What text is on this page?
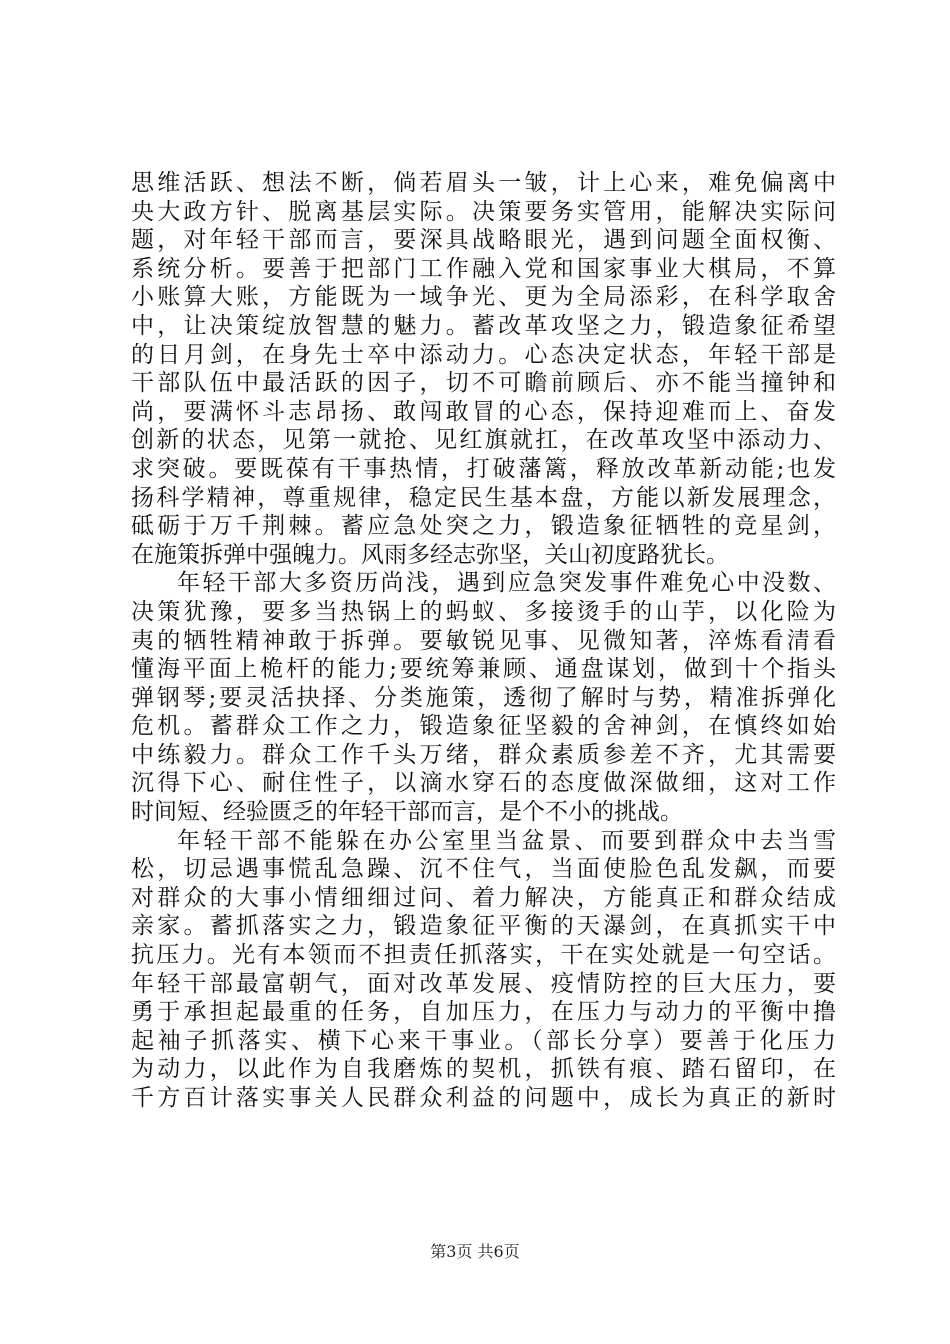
思维活跃、想法不断，倘若眉头一皱，计上心来，难免偏离中
央大政方针、脱离基层实际。决策要务实管用，能解决实际问
题，对年轻干部而言，要深具战略眼光，遇到问题全面权衡、
系统分析。要善于把部门工作融入党和国家事业大棋局，不算
小账算大账，方能既为一域争光、更为全局添彩，在科学取舍
中，让决策绽放智慧的魅力。蓄改革攻坚之力，锻造象征希望
的日月剑，在身先士卒中添动力。心态决定状态，年轻干部是
干部队伍中最活跃的因子，切不可瞻前顾后、亦不能当撞钟和
尚，要满怀斗志昂扬、敢闯敢冒的心态，保持迎难而上、奋发
创新的状态，见第一就抢、见红旗就扛，在改革攻坚中添动力、
求突破。要既葆有干事热情，打破藩篱，释放改革新动能;也发
扬科学精神，尊重规律，稳定民生基本盘，方能以新发展理念，
砥砺于万千荆棘。蓄应急处突之力，锻造象征牺牲的竞星剑，
在施策拆弹中强魄力。风雨多经志弥坚，关山初度路犹长。
年轻干部大多资历尚浅，遇到应急突发事件难免心中没数、
决策犹豫，要多当热锅上的蚂蚁、多接烫手的山芋，以化险为
夷的牺牲精神敢于拆弹。要敏锐见事、见微知著，淬炼看清看
懂海平面上桅杆的能力;要统筹兼顾、通盘谋划，做到十个指头
弹钢琴;要灵活抉择、分类施策，透彻了解时与势，精准拆弹化
危机。蓄群众工作之力，锻造象征坚毅的舍神剑，在慎终如始
中练毅力。群众工作千头万绪，群众素质参差不齐，尤其需要
沉得下心、耐住性子，以滴水穿石的态度做深做细，这对工作
时间短、经验匮乏的年轻干部而言，是个不小的挑战。
年轻干部不能躲在办公室里当盆景、而要到群众中去当雪
松，切忌遇事慌乱急躁、沉不住气，当面使脸色乱发飙，而要
对群众的大事小情细细过问、着力解决，方能真正和群众结成
亲家。蓄抓落实之力，锻造象征平衡的天瀑剑，在真抓实干中
抗压力。光有本领而不担责任抓落实，干在实处就是一句空话。
年轻干部最富朝气，面对改革发展、疫情防控的巨大压力，要
勇于承担起最重的任务，自加压力，在压力与动力的平衡中撸
起袖子抓落实、横下心来干事业。（部长分享）要善于化压力
为动力，以此作为自我磨炼的契机，抓铁有痕、踏石留印，在
千方百计落实事关人民群众利益的问题中，成长为真正的新时
第3页 共6页
